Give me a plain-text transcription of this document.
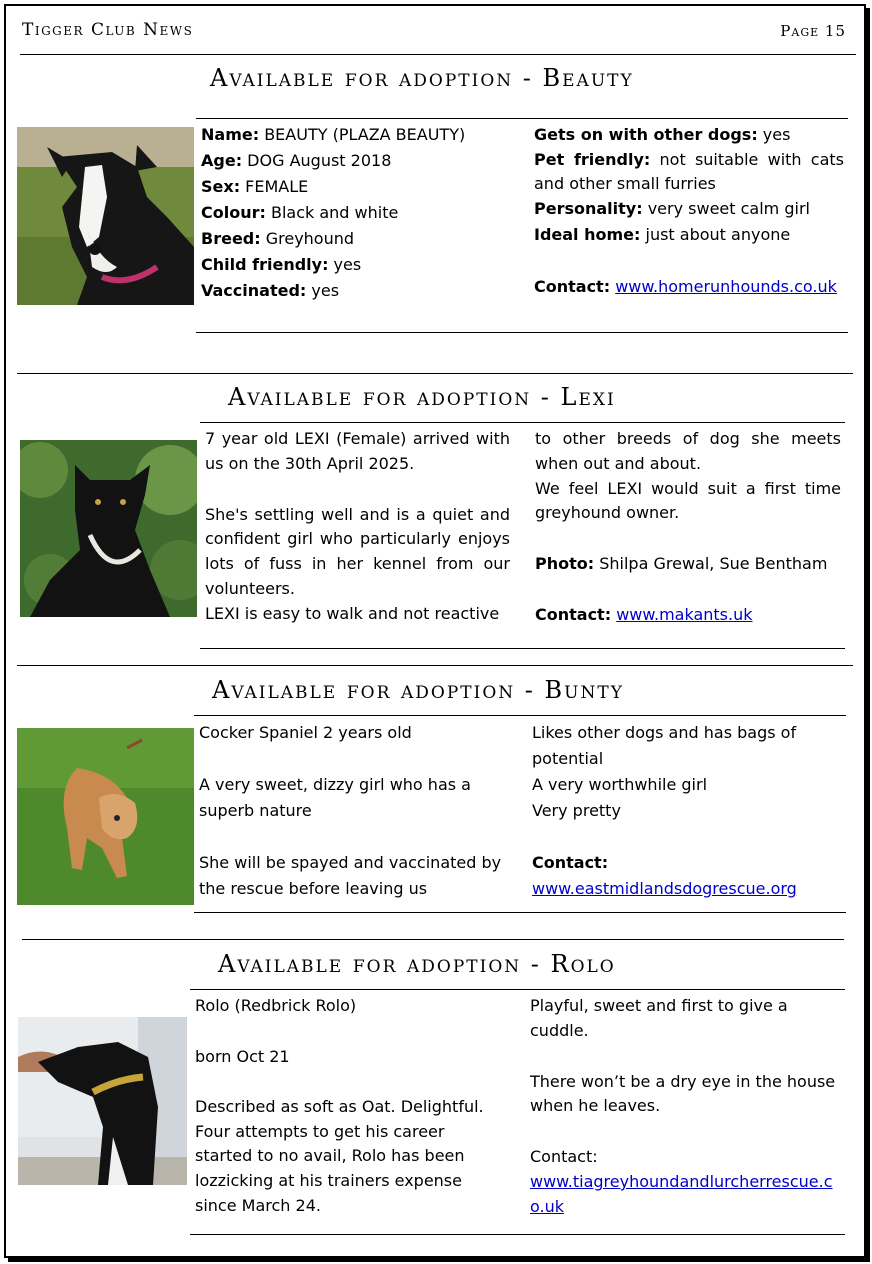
Tigger Club News	Page 15
Available for adoption - Beauty

Name: BEAUTY (PLAZA BEAUTY)

Age: DOG August 2018

Sex: FEMALE

Colour: Black and white

Breed: Greyhound

Child friendly: yes

Vaccinated: yes

Gets on with other dogs: yes

Pet friendly: not suitable with cats and other small furries

Personality: very sweet calm girl

Ideal home: just about anyone

Contact: www.homerunhounds.co.uk

Available for adoption - Lexi

7 year old LEXI (Female) arrived with us on the 30th April 2025.

She's settling well and is a quiet and confident girl who particularly enjoys lots of fuss in her kennel from our volunteers.

LEXI is easy to walk and not reactive

to other breeds of dog she meets when out and about.

We feel LEXI would suit a first time greyhound owner.

Photo: Shilpa Grewal, Sue Bentham

Contact: www.makants.uk

Available for adoption - Bunty

Cocker Spaniel 2 years old

A very sweet, dizzy girl who has a superb nature

She will be spayed and vaccinated by the rescue before leaving us

Likes other dogs and has bags of potential

A very worthwhile girl

Very pretty

Contact:

www.eastmidlandsdogrescue.org

Available for adoption - Rolo

Rolo (Redbrick Rolo)

born Oct 21

Described as soft as Oat. Delightful. Four attempts to get his career started to no avail, Rolo has been lozzicking at his trainers expense since March 24.

Playful, sweet and first to give a cuddle.

There won’t be a dry eye in the house when he leaves.

Contact:

www.tiagreyhoundandlurcherrescue.co.uk
